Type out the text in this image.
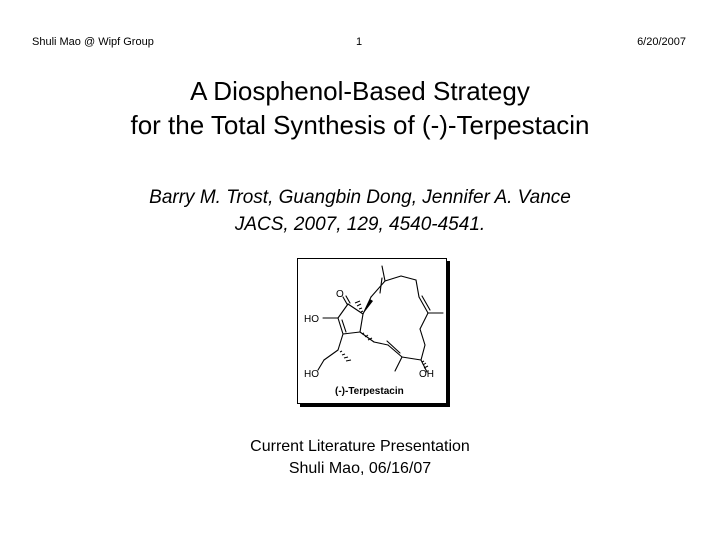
Shuli Mao @ Wipf Group	1	6/20/2007
A Diosphenol-Based Strategy
for the Total Synthesis of (-)-Terpestacin
Barry M. Trost, Guangbin Dong, Jennifer A. Vance
JACS, 2007, 129, 4540-4541.
O
HO
HO	OH
(-)-Terpestacin
Current Literature Presentation
Shuli Mao, 06/16/07
